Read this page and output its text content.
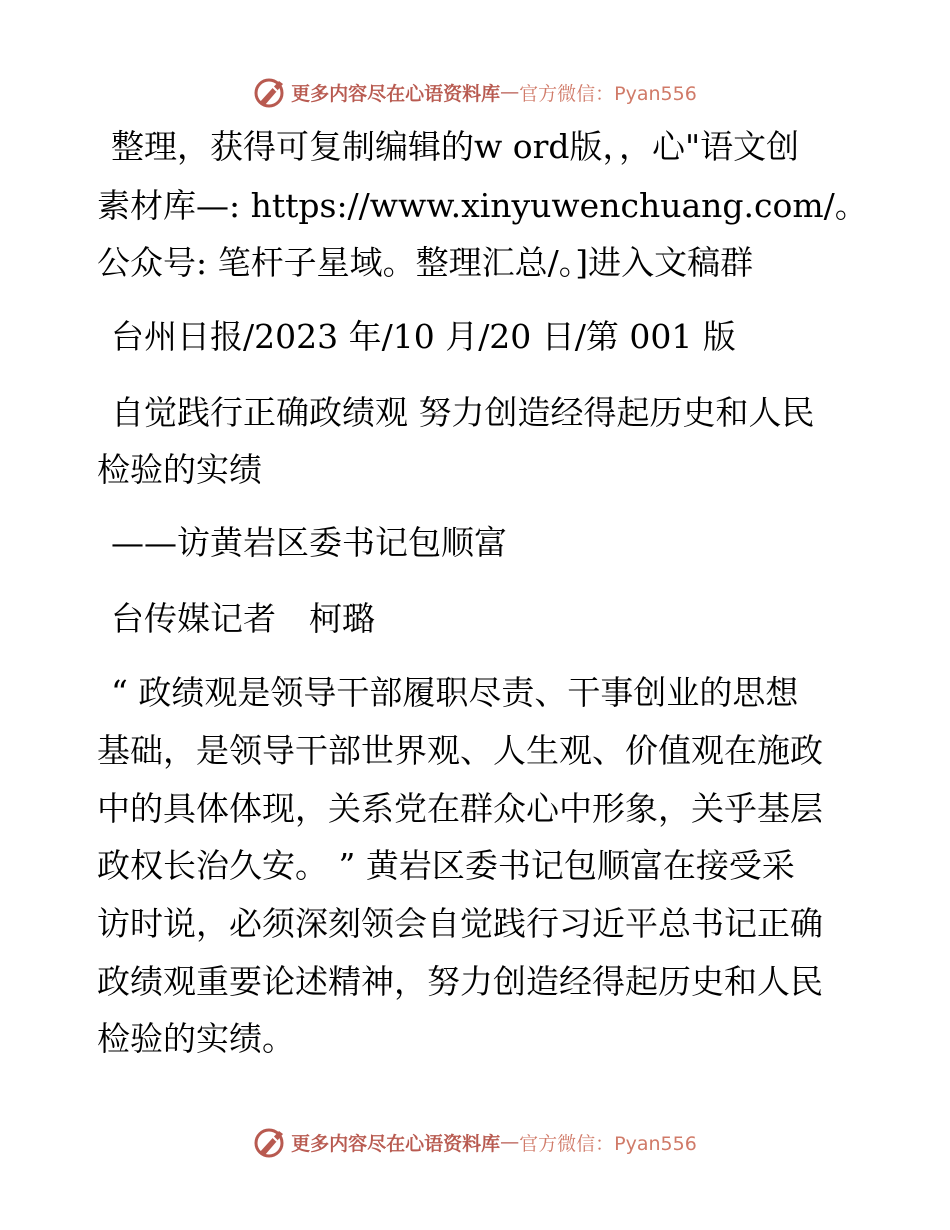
更多内容尽在心语资料库 — 官方微信：Pyan556
整理，获得可复制编辑的w ord版，，心"语文创
素材库—: https://www.xinyuwenchuang.com/。
公众号: 笔杆子星域。整理汇总/。]进入文稿群
台州日报/2023 年/10 月/20 日/第 001 版
自觉践行正确政绩观 努力创造经得起历史和人民
检验的实绩
——访黄岩区委书记包顺富
台传媒记者　柯璐
“ 政绩观是领导干部履职尽责、干事创业的思想
基础，是领导干部世界观、人生观、价值观在施政
中的具体体现，关系党在群众心中形象，关乎基层
政权长治久安。 ” 黄岩区委书记包顺富在接受采
访时说，必须深刻领会自觉践行习近平总书记正确
政绩观重要论述精神，努力创造经得起历史和人民
检验的实绩。
更多内容尽在心语资料库 — 官方微信：Pyan556
